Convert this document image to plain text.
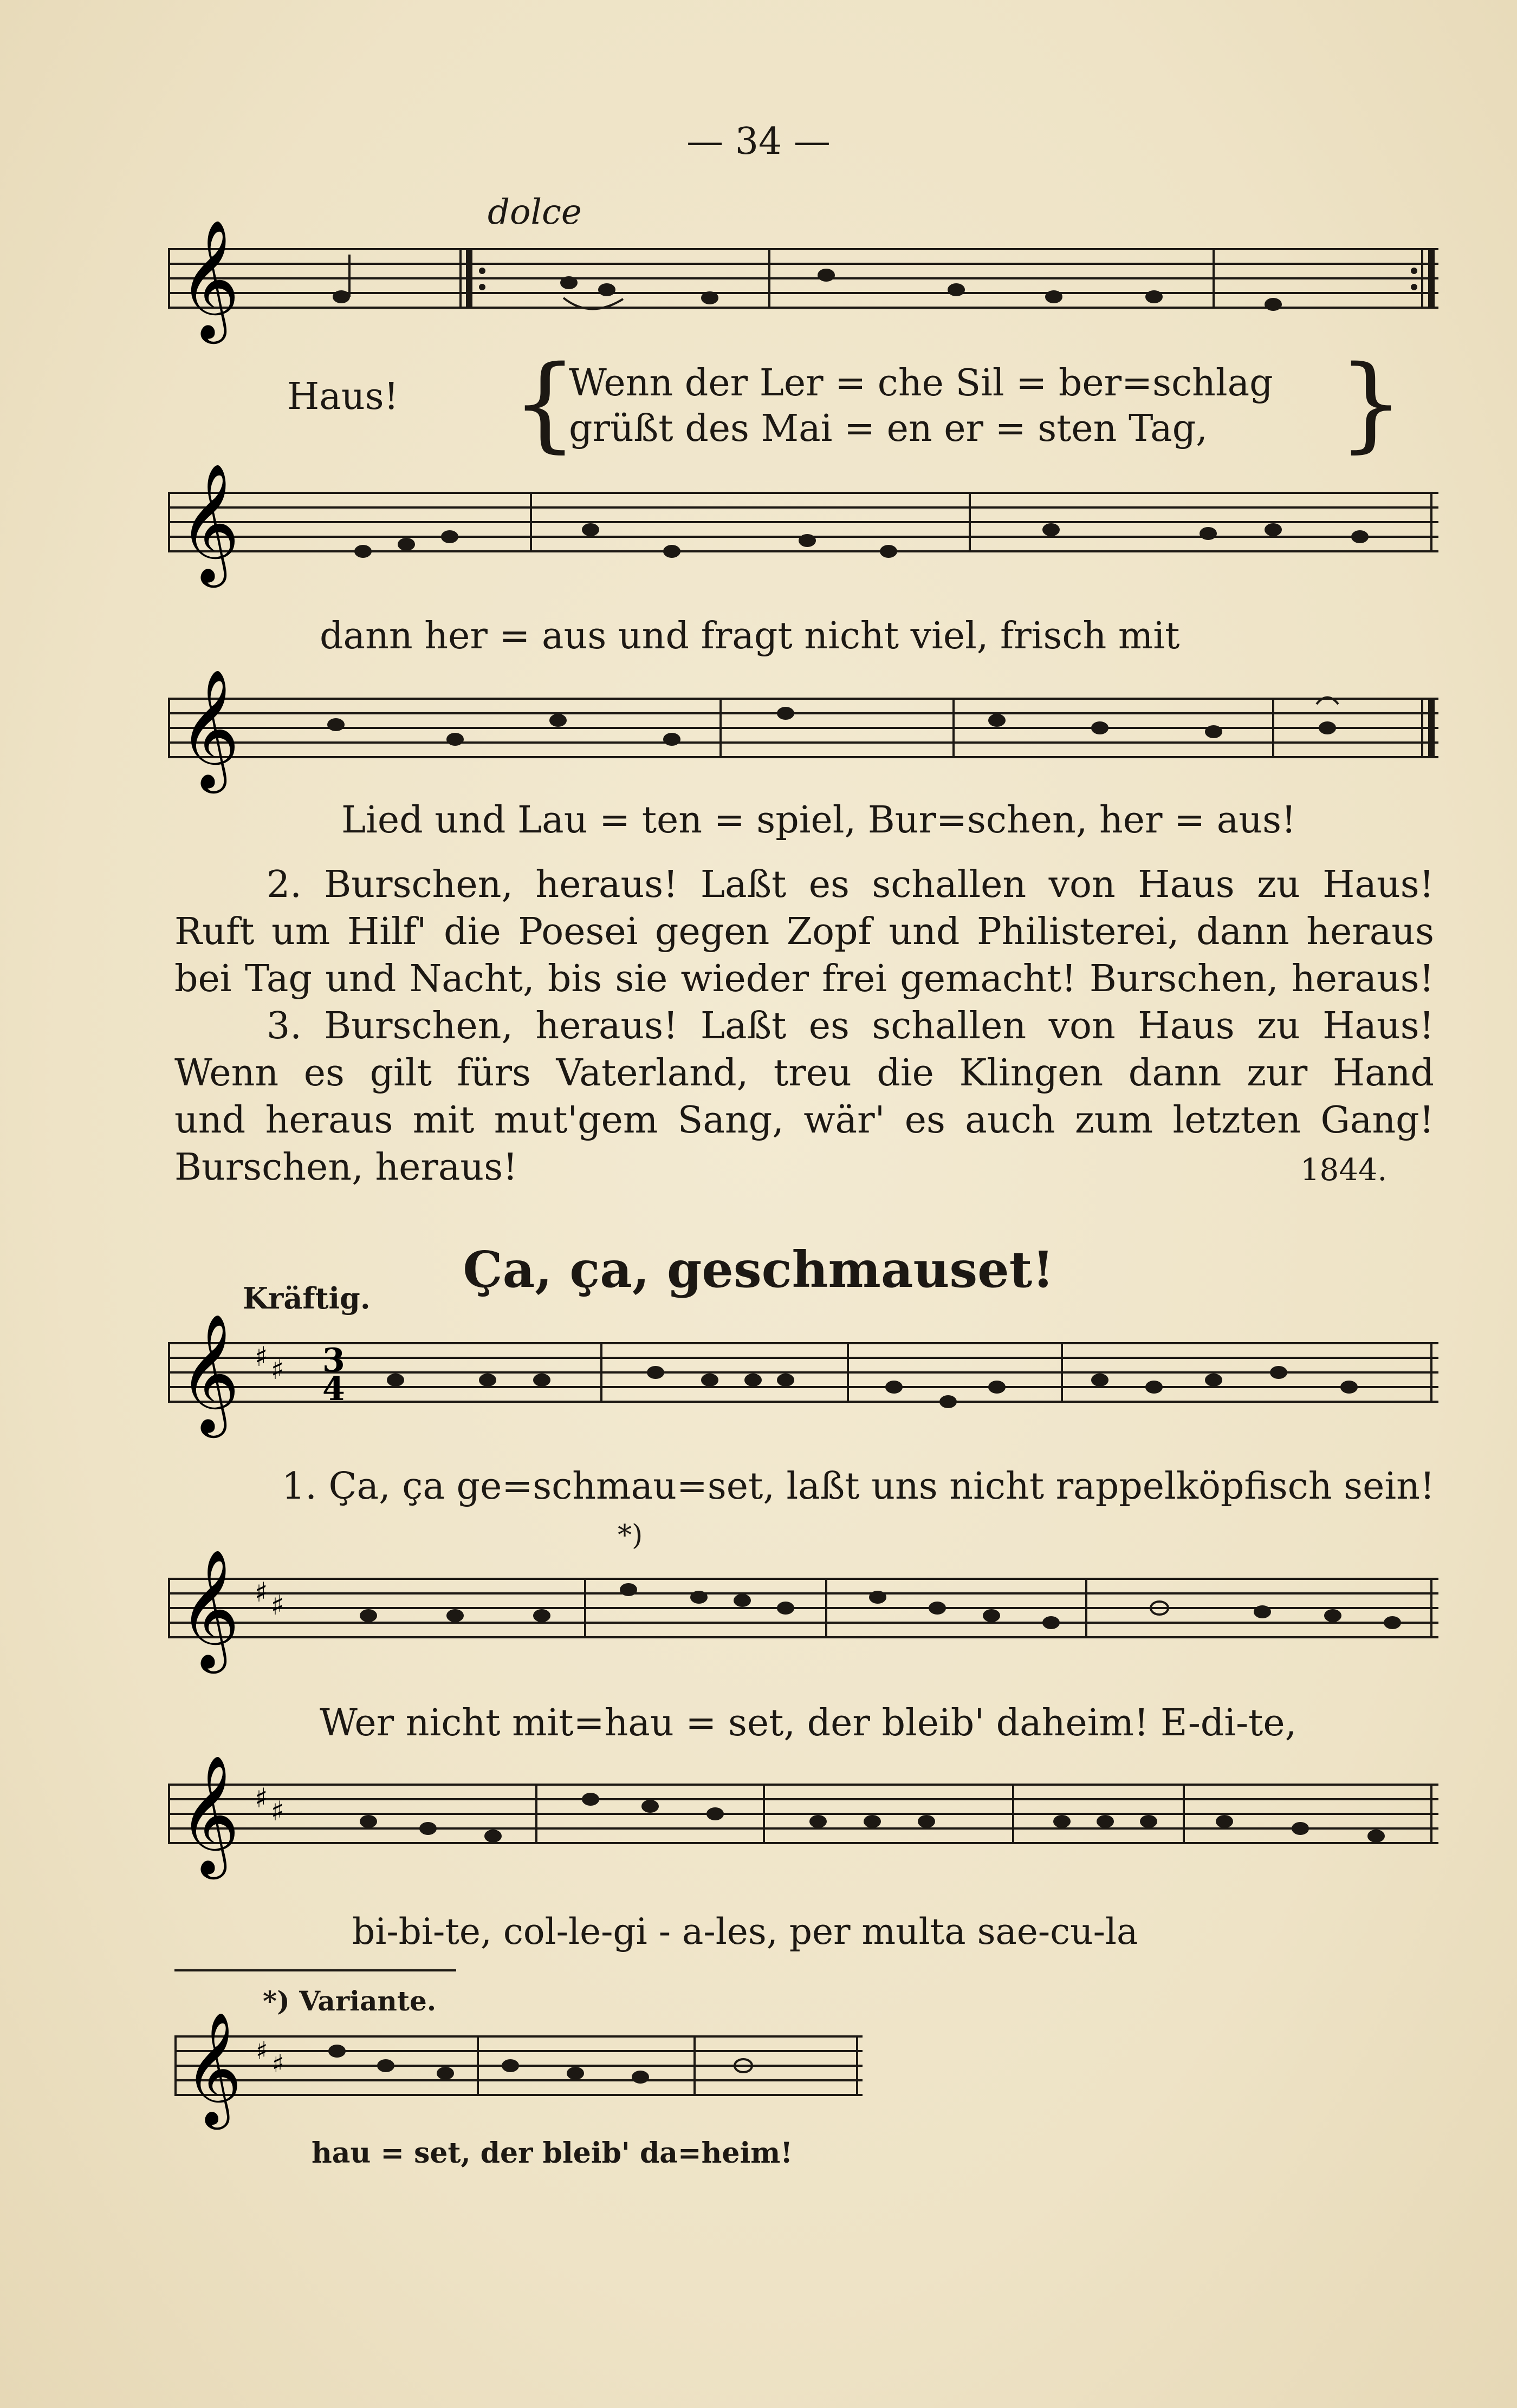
— 34 —
dolce
𝄞
Haus! {
Wenn der Ler = che Sil = ber=schlag
grüßt des Mai = en er = sten Tag, }
𝄞
dann her = aus und fragt nicht viel, frisch mit
𝄞
Lied und Lau = ten = spiel, Bur=schen, her = aus!
2. Burschen, heraus! Laßt es schallen von Haus zu Haus!
Ruft um Hilf' die Poesei gegen Zopf und Philisterei, dann heraus
bei Tag und Nacht, bis sie wieder frei gemacht! Burschen, heraus!
3. Burschen, heraus! Laßt es schallen von Haus zu Haus!
Wenn es gilt fürs Vaterland, treu die Klingen dann zur Hand
und heraus mit mut'gem Sang, wär' es auch zum letzten Gang!
Burschen, heraus!	1844.
Ça, ça, geschmauset!
Kräftig.
𝄞 ♯ ♯ 3
4
1. Ça, ça ge=schmau=set, laßt uns nicht rappelköpfisch sein!
*)
𝄞 ♯ ♯
Wer nicht mit=hau = set, der bleib' daheim! E-di-te,
𝄞 ♯ ♯
bi-bi-te, col-le-gi - a-les, per multa sae-cu-la
*) Variante.
𝄞 ♯ ♯
hau = set, der bleib' da=heim!
